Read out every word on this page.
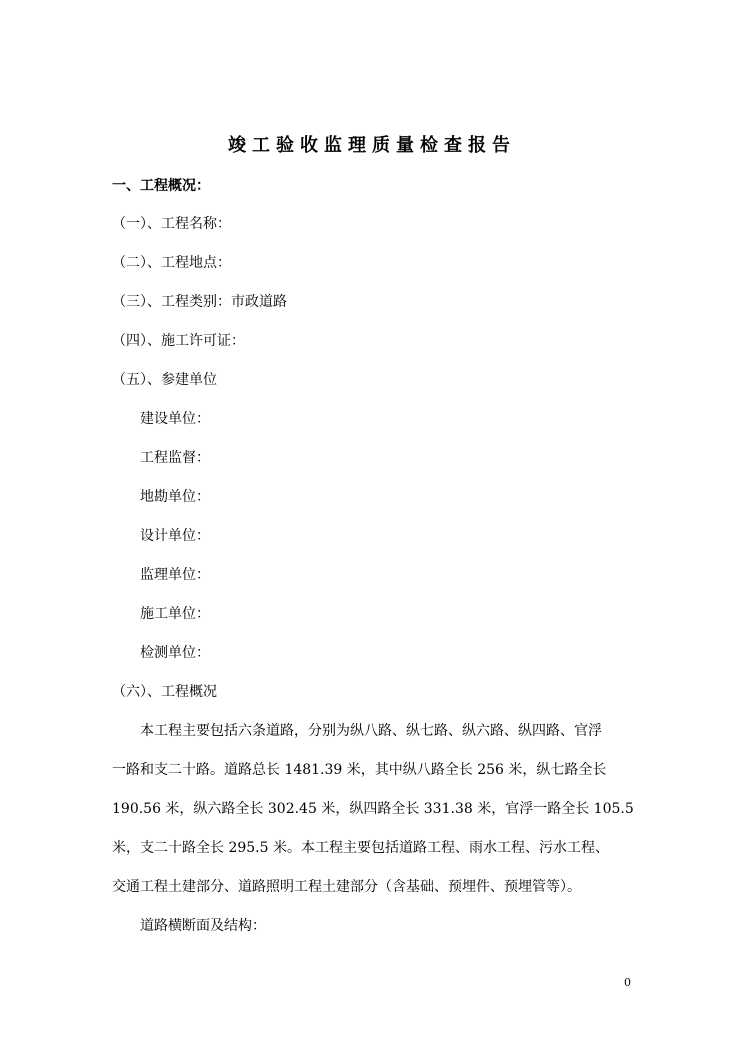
竣工验收监理质量检查报告
一、工程概况：
（一）、工程名称：
（二）、工程地点：
（三）、工程类别：市政道路
（四）、施工许可证：
（五）、参建单位
建设单位：
工程监督：
地勘单位：
设计单位：
监理单位：
施工单位：
检测单位：
（六）、工程概况
本工程主要包括六条道路，分别为纵八路、纵七路、纵六路、纵四路、官浮
一路和支二十路。道路总长 1481.39 米，其中纵八路全长 256 米，纵七路全长
190.56 米，纵六路全长 302.45 米，纵四路全长 331.38 米，官浮一路全长 105.5
米，支二十路全长 295.5 米。本工程主要包括道路工程、雨水工程、污水工程、
交通工程土建部分、道路照明工程土建部分（含基础、预埋件、预埋管等）。
道路横断面及结构：
0
